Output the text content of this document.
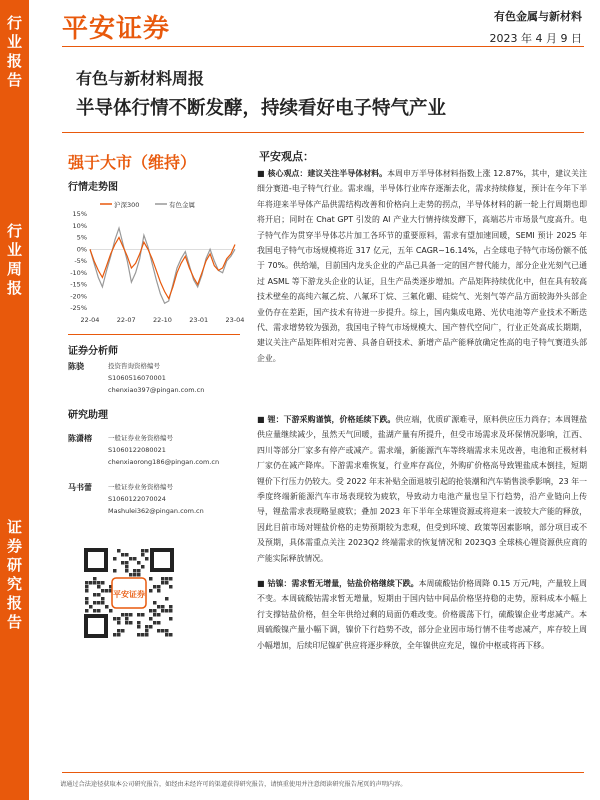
行业报告
行业周报
证券研究报告
平安证券	有色金属与新材料
2023 年 4 月 9 日
有色与新材料周报
半导体行情不断发酵，持续看好电子特气产业
强于大市（维持）
行情走势图
15%
10%
5%
0%
-5%
-10%
-15%
-20%
-25%
22-04	22-07	22-10	23-01	23-04
沪深300	有色金属
证券分析师
陈骁	投资咨询资格编号
S1060516070001
chenxiao397@pingan.com.cn
研究助理
陈潇榕 一般证券业务资格编号
S1060122080021
chenxiaorong186@pingan.com.cn
马书蕾 一般证券业务资格编号
S1060122070024
Mashulei362@pingan.com.cn
平安证券
平安观点：
■ 核心观点：建议关注半导体材料。本周申万半导体材料指数上涨 12.87%，其中，建议关注细分赛道-电子特气行业。需求端，半导体行业库存逐渐去化，需求持续修复，预计在今年下半年将迎来半导体产品供需结构改善和价格向上走势的拐点，半导体材料的新一轮上行周期也即将开启；同时在 Chat GPT 引发的 AI 产业大行情持续发酵下，高端芯片市场景气度高升。电子特气作为贯穿半导体芯片加工各环节的重要原料，需求有望加速回暖，SEMI 预计 2025 年我国电子特气市场规模将近 317 亿元，五年 CAGR~16.14%，占全球电子特气市场份额不低于 70%。供给端，目前国内龙头企业的产品已具备一定的国产替代能力，部分企业光刻气已通过 ASML 等下游龙头企业的认证，且生产品类逐步增加。产品矩阵持续优化中，但在具有较高技术壁垒的高纯六氟乙烷、八氟环丁烷、三氟化硼、硅烷气、光刻气等产品方面较海外头部企业仍存在差距，国产技术有待进一步提升。综上，国内集成电路、光伏电池等产业技术不断迭代、需求增势较为强劲，我国电子特气市场规模大、国产替代空间广，行业正处高成长期期，建议关注产品矩阵相对完善、具备自研技术、新增产品产能释放确定性高的电子特气赛道头部企业。
■ 锂：下游采购谨慎，价格延续下跌。供应端，优质矿源难寻，原料供应压力尚存；本周锂盐供应量继续减少，虽然天气回暖，盐湖产量有所提升，但受市场需求及环保情况影响，江西、四川等部分厂家多有停产或减产。需求端，新能源汽车等终端需求未见改善，电池和正极材料厂家仍在减产降库。下游需求难恢复，行业库存高位，外购矿价格高导致锂盐成本倒挂，短期锂价下行压力仍较大。受 2022 年末补贴全面退坡引起的抢装潮和汽车销售淡季影响，23 年一季度终端新能源汽车市场表现较为疲软，导致动力电池产量也呈下行趋势，沿产业链向上传导，锂盐需求表现略显疲软；叠加 2023 年下半年全球锂资源或将迎来一波较大产能的释放，因此目前市场对锂盐价格的走势预期较为悲观，但受到环境、政策等因素影响，部分项目或不及预期，具体需重点关注 2023Q2 终端需求的恢复情况和 2023Q3 全球核心锂资源供应商的产能实际释放情况。
■ 钴镍：需求暂无增量，钴盐价格继续下跌。本周硫酸钴价格周降 0.15 万元/吨，产量较上周不变。本周硫酸钴需求暂无增量，短期由于国内钴中间品价格坚持稳的走势，原料成本小幅上行支撑钴盐价格，但全年供给过剩的局面仍难改变。价格震荡下行，硫酸镍企业考虑减产。本周硫酸镍产量小幅下调，镍价下行趋势不改，部分企业因市场行情不佳考虑减产，库存较上周小幅增加，后续印尼镍矿供应将逐步释放，全年镍供应充足，镍价中枢或将再下移。
请通过合法途径获取本公司研究报告，如经由未经许可的渠道获得研究报告，请慎重使用并注意阅读研究报告尾页的声明内容。
